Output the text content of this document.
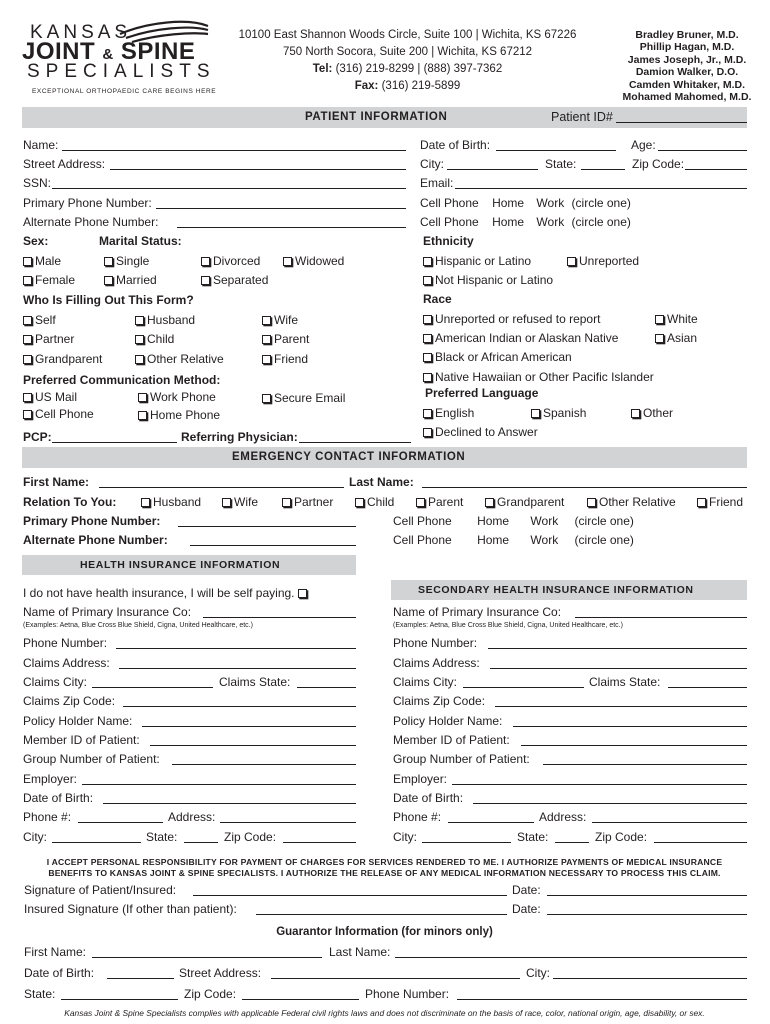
KANSAS
JOINT & SPINE
SPECIALISTS
EXCEPTIONAL ORTHOPAEDIC CARE BEGINS HERE
10100 East Shannon Woods Circle, Suite 100 | Wichita, KS 67226
750 North Socora, Suite 200 | Wichita, KS 67212
Tel: (316) 219-8299 | (888) 397-7362
Fax: (316) 219-5899
Bradley Bruner, M.D.
Phillip Hagan, M.D.
James Joseph, Jr., M.D.
Damion Walker, D.O.
Camden Whitaker, M.D.
Mohamed Mahomed, M.D.
PATIENT INFORMATION	Patient ID#
Name:
Street Address:
SSN:
Primary Phone Number:
Alternate Phone Number:
Date of Birth:	Age:
City:	State:	Zip Code:
Email:
Cell Phone Home Work (circle one)
Cell Phone Home Work (circle one)
Sex:	Marital Status:
Male	Single	Divorced	Widowed
Female	Married	Separated
Ethnicity
Hispanic or Latino	Unreported
Not Hispanic or Latino
Who Is Filling Out This Form?
Self	Husband	Wife
Partner	Child	Parent
Grandparent	Other Relative	Friend
Race
Unreported or refused to report	White
American Indian or Alaskan Native	Asian
Black or African American
Native Hawaiian or Other Pacific Islander
Preferred Communication Method:
US Mail	Work Phone	Secure Email
Cell Phone	Home Phone
Preferred Language
English	Spanish	Other
Declined to Answer
PCP:	Referring Physician:
EMERGENCY CONTACT INFORMATION
First Name:	Last Name:
Relation To You:	Husband	Wife	Partner	Child	Parent	Grandparent	Other Relative	Friend
Primary Phone Number:
Alternate Phone Number:
Cell Phone Home Work (circle one)
Cell Phone Home Work (circle one)
HEALTH INSURANCE INFORMATION
SECONDARY HEALTH INSURANCE INFORMATION
I do not have health insurance, I will be self paying.
Name of Primary Insurance Co:
(Examples: Aetna, Blue Cross Blue Shield, Cigna, United Healthcare, etc.)
Phone Number:
Claims Address:
Claims City:	Claims State:
Claims Zip Code:
Policy Holder Name:
Member ID of Patient:
Group Number of Patient:
Employer:
Date of Birth:
Phone #:	Address:
City:	State:	Zip Code:
Name of Primary Insurance Co:
(Examples: Aetna, Blue Cross Blue Shield, Cigna, United Healthcare, etc.)
Phone Number:
Claims Address:
Claims City:	Claims State:
Claims Zip Code:
Policy Holder Name:
Member ID of Patient:
Group Number of Patient:
Employer:
Date of Birth:
Phone #:	Address:
City:	State:	Zip Code:
I ACCEPT PERSONAL RESPONSIBILITY FOR PAYMENT OF CHARGES FOR SERVICES RENDERED TO ME. I AUTHORIZE PAYMENTS OF MEDICAL INSURANCE
BENEFITS TO KANSAS JOINT & SPINE SPECIALISTS. I AUTHORIZE THE RELEASE OF ANY MEDICAL INFORMATION NECESSARY TO PROCESS THIS CLAIM.
Signature of Patient/Insured:	Date:
Insured Signature (If other than patient):	Date:
Guarantor Information (for minors only)
First Name:	Last Name:
Date of Birth:	Street Address:	City:
State:	Zip Code:	Phone Number:
Kansas Joint & Spine Specialists complies with applicable Federal civil rights laws and does not discriminate on the basis of race, color, national origin, age, disability, or sex.
